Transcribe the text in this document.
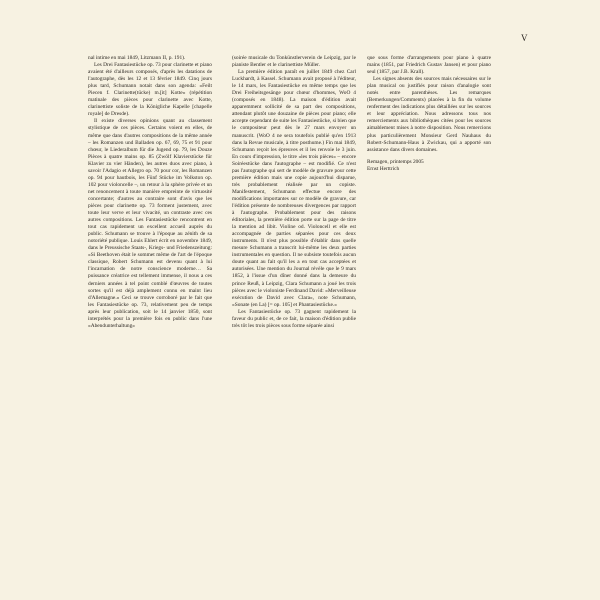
V

nal intime en mai 1849, Litzmann II, p. 191).

Les Drei Fantasiestücke op. 73 pour clarinette et piano avaient été d'ailleurs composés, d'après les datations de l'autographe, dès les 12 et 13 février 1849. Cinq jours plus tard, Schumann notait dans son agenda: «Feilt Piecen f. Clarinette(tücke) m.[it] Kotte» (répétition matinale des pièces pour clarinette avec Kotte, clarinettiste soliste de la Königliche Kapelle [chapelle royale] de Dresde).

Il existe diverses opinions quant au classement stylistique de ces pièces. Certains voient en elles, de même que dans d'autres compositions de la même année – les Romanzen und Balladen op. 67, 69, 75 et 91 pour chœur, le Liederalbum für die Jugend op. 79, les Douze Pièces à quatre mains op. 85 (Zwölf Klavierstücke für Klavier zu vier Händen), les autres duos avec piano, à savoir l'Adagio et Allegro op. 70 pour cor, les Romanzen op. 94 pour hautbois, les Fünf Stücke im Volkston op. 102 pour violoncelle –, un retour à la sphère privée et un net renoncement à toute manière empreinte de virtuosité concertante; d'autres au contraire sont d'avis que les pièces pour clarinette op. 73 forment justement, avec toute leur verve et leur vivacité, un contraste avec ces autres compositions. Les Fantasiestücke rencontrent en tout cas rapidement un excellent accueil auprès du public. Schumann se trouve à l'époque au zénith de sa notoriété publique. Louis Ehlert écrit en novembre 1849, dans le Preussische Staats-, Kriegs- und Friedenszeitung: «Si Beethoven était le sommet même de l'art de l'époque classique, Robert Schumann est devenu quant à lui l'incarnation de notre conscience moderne… Sa puissance créatrice est tellement immense, il nous a ces derniers années à tel point comblé d'œuvres de toutes sortes qu'il est déjà amplement connu en maint lieu d'Allemagne.» Ceci se trouve corroboré par le fait que les Fantasiestücke op. 73, relativement peu de temps après leur publication, soit le 14 janvier 1850, sont interprétés pour la première fois en public dans l'une «Abendunterhaltung»

(soirée musicale du Tonkünstlerverein de Leipzig, par le pianiste Bentler et le clarinettiste Müller.

La première édition paraît en juillet 1849 chez Carl Luckhardt, à Kassel. Schumann avait proposé à l'éditeur, le 14 mars, les Fantasiestücke en même temps que les Drei Freiheitsgesänge pour chœur d'hommes, WoO 4 (composés en 1848). La maison d'édition avait apparemment sollicité de sa part des compositions, attendant plutôt une douzaine de pièces pour piano; elle accepte cependant de suite les Fantasiestücke, si bien que le compositeur peut dès le 27 mars envoyer un manuscrit. (WoO 4 ne sera toutefois publié qu'en 1913 dans la Revue musicale, à titre posthume.) Fin mai 1849, Schumann reçoit les épreuves et il les renvoie le 3 juin. En cours d'impression, le titre «les trois pièces» – encore Soiréestücke dans l'autographe – est modifié. Ce n'est pas l'autographe qui sert de modèle de gravure pour cette première édition mais une copie aujourd'hui disparue, très probablement réalisée par un copiste. Manifestement, Schumann effectue encore des modifications importantes sur ce modèle de gravure, car l'édition présente de nombreuses divergences par rapport à l'autographe. Probablement pour des raisons éditoriales, la première édition porte sur la page de titre la mention ad libit. Violine od. Violoncell et elle est accompagnée de parties séparées pour ces deux instruments. Il n'est plus possible d'établir dans quelle mesure Schumann a transcrit lui-même les deux parties instrumentales en question. Il ne subsiste toutefois aucun doute quant au fait qu'il les a en tout cas acceptées et autorisées. Une mention du Journal révèle que le 9 mars 1852, à l'issue d'un dîner donné dans la demeure du prince Reuß, à Leipzig, Clara Schumann a joué les trois pièces avec le violoniste Ferdinand David: «Merveilleuse exécution de David avec Clara», note Schumann, «Sonate (en La) [= op. 105] et Phantasiestücke.»

Les Fantasiestücke op. 73 gagnent rapidement la faveur du public et, de ce fait, la maison d'édition publie très tôt les trois pièces sous forme séparée ainsi

que sous forme d'arrangements pour piano à quatre mains (1851, par Friedrich Gustav Jansen) et pour piano seul (1857, par J.B. Krall).

Les signes absents des sources mais nécessaires sur le plan musical ou justifiés pour raison d'analogie sont notés entre parenthèses. Les remarques (Bemerkungen/Comments) placées à la fin du volume renferment des indications plus détaillées sur les sources et leur appréciation. Nous adressons tous nos remerciements aux bibliothèques citées pour les sources aimablement mises à notre disposition. Nous remercions plus particulièrement Monsieur Gerd Nauhaus du Robert-Schumann-Haus à Zwickau, qui a apporté son assistance dans divers domaines.

Remagen, printemps 2005

Ernst Herttrich
